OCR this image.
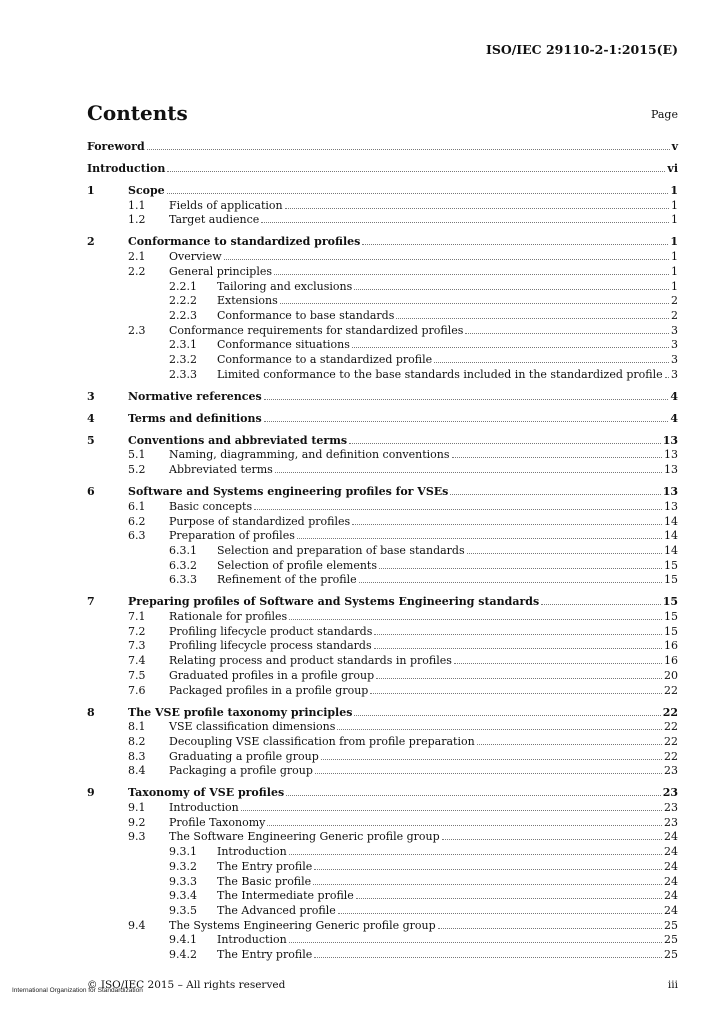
ISO/IEC 29110-2-1:2015(E)
Contents	Page
Foreword	v
Introduction	vi
1	Scope	1
1.1 Fields of application	1
1.2 Target audience	1
2	Conformance to standardized profiles	1
2.1 Overview	1
2.2 General principles	1
2.2.1 Tailoring and exclusions	1
2.2.2 Extensions	2
2.2.3 Conformance to base standards	2
2.3 Conformance requirements for standardized profiles	3
2.3.1 Conformance situations	3
2.3.2 Conformance to a standardized profile	3
2.3.3 Limited conformance to the base standards included in the standardized profile 3
3	Normative references	4
4	Terms and definitions	4
5	Conventions and abbreviated terms	13
5.1 Naming, diagramming, and definition conventions	13
5.2 Abbreviated terms	13
6	Software and Systems engineering profiles for VSEs	13
6.1 Basic concepts	13
6.2 Purpose of standardized profiles	14
6.3 Preparation of profiles	14
6.3.1 Selection and preparation of base standards	14
6.3.2 Selection of profile elements	15
6.3.3 Refinement of the profile	15
7	Preparing profiles of Software and Systems Engineering standards	15
7.1 Rationale for profiles	15
7.2 Profiling lifecycle product standards	15
7.3 Profiling lifecycle process standards	16
7.4 Relating process and product standards in profiles	16
7.5 Graduated profiles in a profile group	20
7.6 Packaged profiles in a profile group	22
8	The VSE profile taxonomy principles	22
8.1 VSE classification dimensions	22
8.2 Decoupling VSE classification from profile preparation	22
8.3 Graduating a profile group	22
8.4 Packaging a profile group	23
9	Taxonomy of VSE profiles	23
9.1 Introduction	23
9.2 Profile Taxonomy	23
9.3 The Software Engineering Generic profile group	24
9.3.1 Introduction	24
9.3.2 The Entry profile	24
9.3.3 The Basic profile	24
9.3.4 The Intermediate profile	24
9.3.5 The Advanced profile	24
9.4 The Systems Engineering Generic profile group	25
9.4.1 Introduction	25
9.4.2 The Entry profile	25
© ISO/IEC 2015 – All rights reserved	iii
International Organization for Standardization
